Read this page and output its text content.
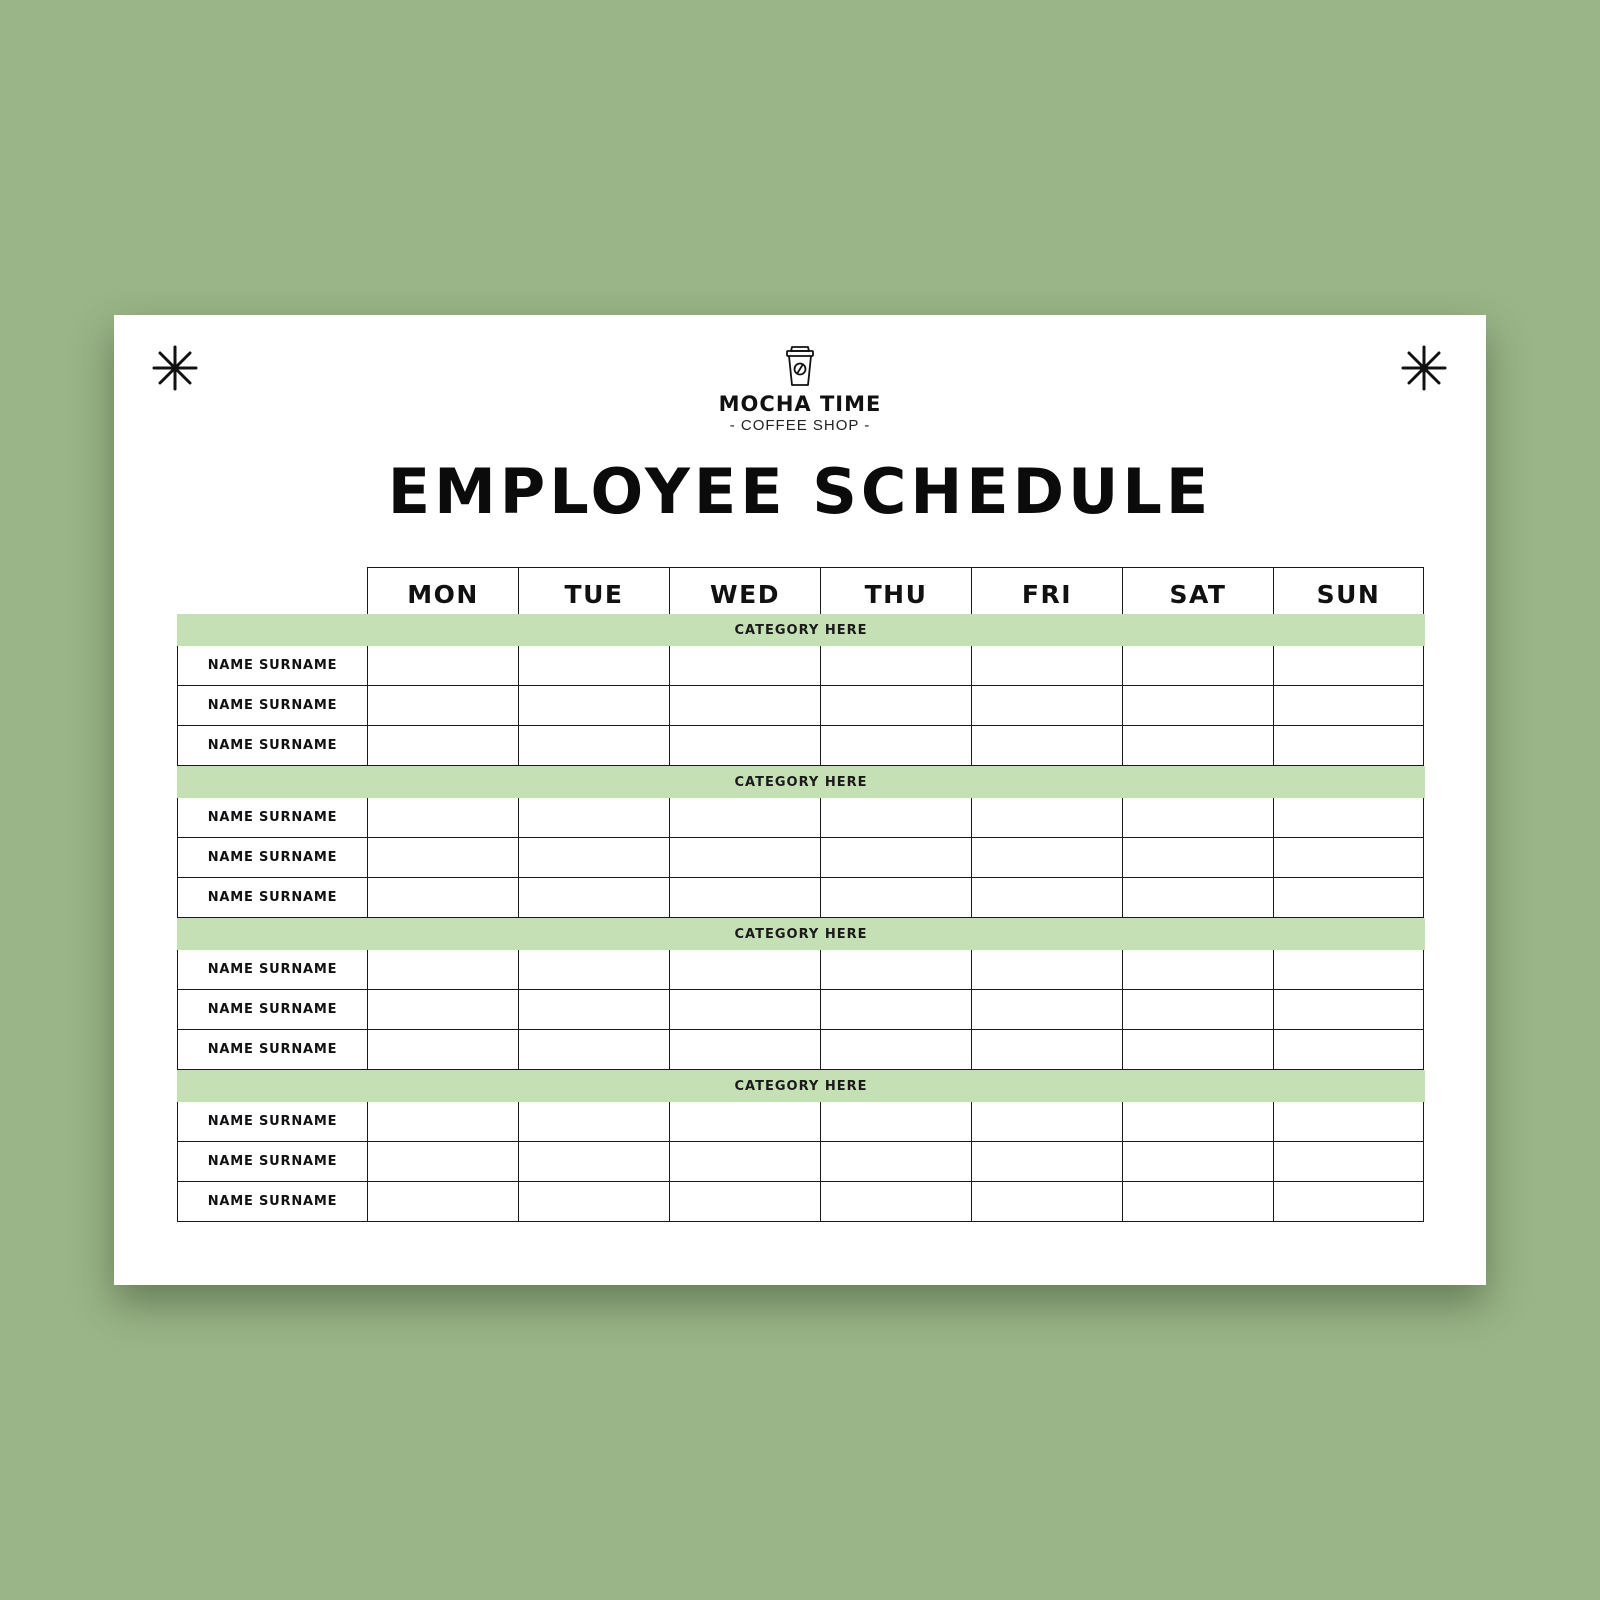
MOCHA TIME
- COFFEE SHOP -
EMPLOYEE SCHEDULE
MON	TUE	WED	THU	FRI	SAT	SUN
CATEGORY HERE
NAME SURNAME
NAME SURNAME
NAME SURNAME
CATEGORY HERE
NAME SURNAME
NAME SURNAME
NAME SURNAME
CATEGORY HERE
NAME SURNAME
NAME SURNAME
NAME SURNAME
CATEGORY HERE
NAME SURNAME
NAME SURNAME
NAME SURNAME
